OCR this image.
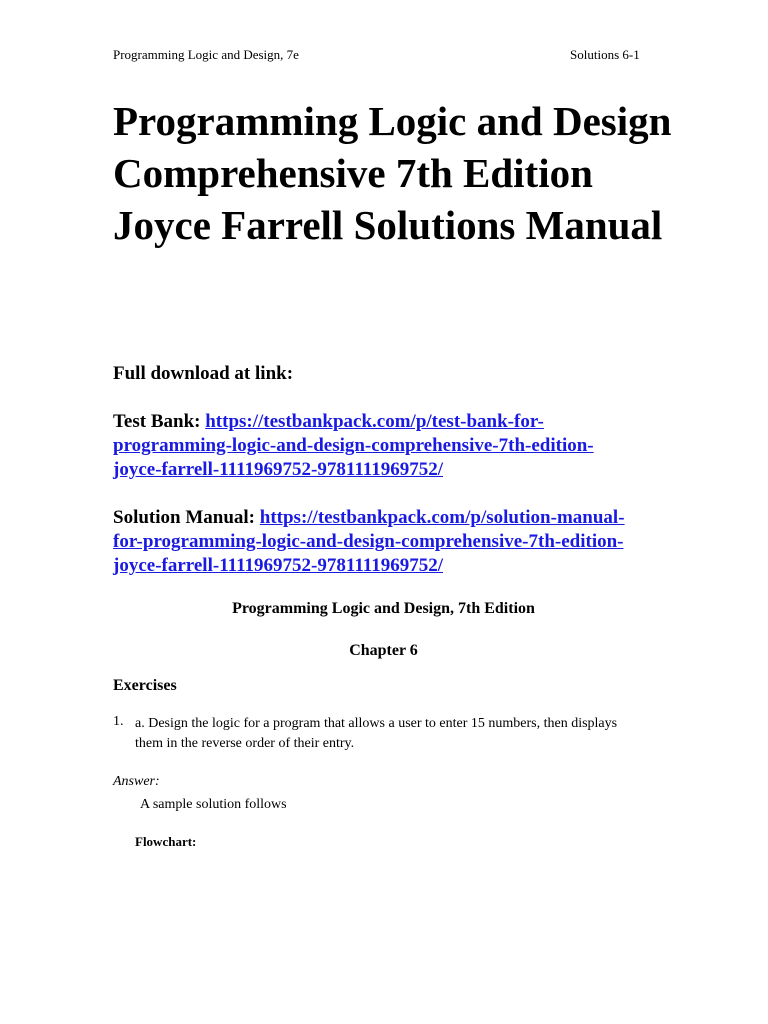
Programming Logic and Design, 7e	Solutions 6-1
Programming Logic and Design Comprehensive 7th Edition Joyce Farrell Solutions Manual
Full download at link:
Test Bank: https://testbankpack.com/p/test-bank-for-
programming-logic-and-design-comprehensive-7th-edition-
joyce-farrell-1111969752-9781111969752/
Solution Manual: https://testbankpack.com/p/solution-manual-
for-programming-logic-and-design-comprehensive-7th-edition-
joyce-farrell-1111969752-9781111969752/
Programming Logic and Design, 7th Edition
Chapter 6
Exercises
1. a. Design the logic for a program that allows a user to enter 15 numbers, then displays
them in the reverse order of their entry.
Answer:
A sample solution follows
Flowchart:
